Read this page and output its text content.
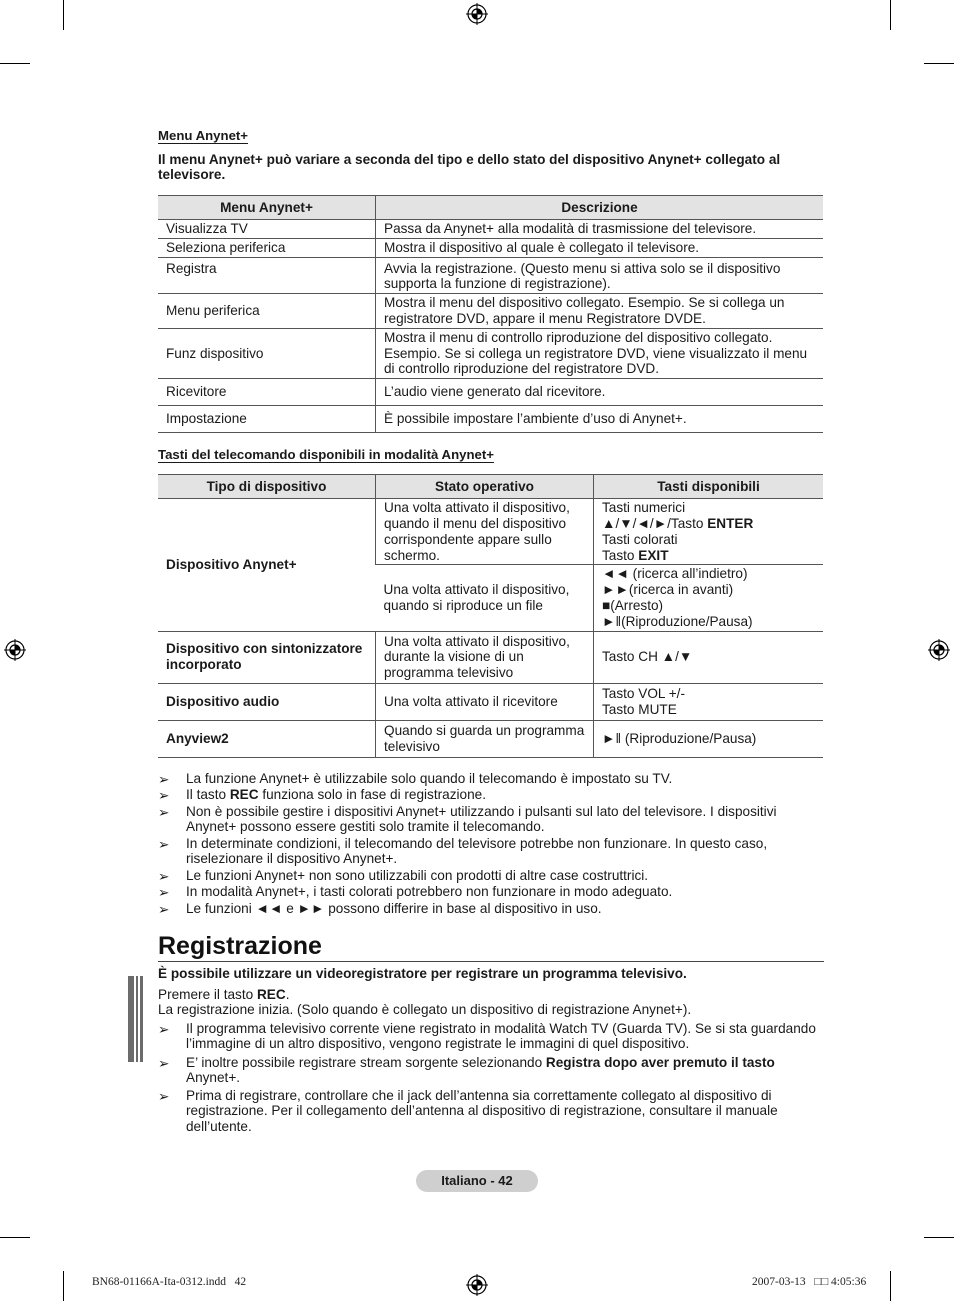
Menu Anynet+
Il menu Anynet+ può variare a seconda del tipo e dello stato del dispositivo Anynet+ collegato al televisore.
Menu Anynet+	Descrizione
Visualizza TV	Passa da Anynet+ alla modalità di trasmissione del televisore.
Seleziona periferica	Mostra il dispositivo al quale è collegato il televisore.
Registra	Avvia la registrazione. (Questo menu si attiva solo se il dispositivo supporta la funzione di registrazione).
Menu periferica	Mostra il menu del dispositivo collegato. Esempio. Se si collega un registratore DVD, appare il menu Registratore DVDE.
Funz dispositivo	Mostra il menu di controllo riproduzione del dispositivo collegato. Esempio. Se si collega un registratore DVD, viene visualizzato il menu di controllo riproduzione del registratore DVD.
Ricevitore	L’audio viene generato dal ricevitore.
Impostazione	È possibile impostare l’ambiente d’uso di Anynet+.
Tasti del telecomando disponibili in modalità Anynet+
Tipo di dispositivo	Stato operativo	Tasti disponibili
Dispositivo Anynet+	Una volta attivato il dispositivo, quando il menu del dispositivo corrispondente appare sullo schermo.	Tasti numerici
▲/▼/◄/►/Tasto ENTER
Tasti colorati
Tasto EXIT

	Una volta attivato il dispositivo, quando si riproduce un file	◄◄ (ricerca all’indietro)
►►(ricerca in avanti)
■(Arresto)
►‖(Riproduzione/Pausa)

Dispositivo con sintonizzatore incorporato	Una volta attivato il dispositivo, durante la visione di un programma televisivo	Tasto CH ▲/▼
Dispositivo audio	Una volta attivato il ricevitore	Tasto VOL +/-
Tasto MUTE

Anyview2	Quando si guarda un programma televisivo	►‖ (Riproduzione/Pausa)
➢ La funzione Anynet+ è utilizzabile solo quando il telecomando è impostato su TV.
➢ Il tasto REC funziona solo in fase di registrazione.
➢ Non è possibile gestire i dispositivi Anynet+ utilizzando i pulsanti sul lato del televisore. I dispositivi Anynet+ possono essere gestiti solo tramite il telecomando.
➢ In determinate condizioni, il telecomando del televisore potrebbe non funzionare. In questo caso, riselezionare il dispositivo Anynet+.
➢ Le funzioni Anynet+ non sono utilizzabili con prodotti di altre case costruttrici.
➢ In modalità Anynet+, i tasti colorati potrebbero non funzionare in modo adeguato.
➢ Le funzioni ◄◄ e ►► possono differire in base al dispositivo in uso.
Registrazione
È possibile utilizzare un videoregistratore per registrare un programma televisivo.
Premere il tasto REC.
La registrazione inizia. (Solo quando è collegato un dispositivo di registrazione Anynet+).
➢ Il programma televisivo corrente viene registrato in modalità Watch TV (Guarda TV). Se si sta guardando l’immagine di un altro dispositivo, vengono registrate le immagini di quel dispositivo.
➢ E’ inoltre possibile registrare stream sorgente selezionando Registra dopo aver premuto il tasto Anynet+.
➢ Prima di registrare, controllare che il jack dell’antenna sia correttamente collegato al dispositivo di registrazione. Per il collegamento dell’antenna al dispositivo di registrazione, consultare il manuale dell’utente.
Italiano - 42
BN68-01166A-Ita-0312.indd   42	2007-03-13   □□ 4:05:36
